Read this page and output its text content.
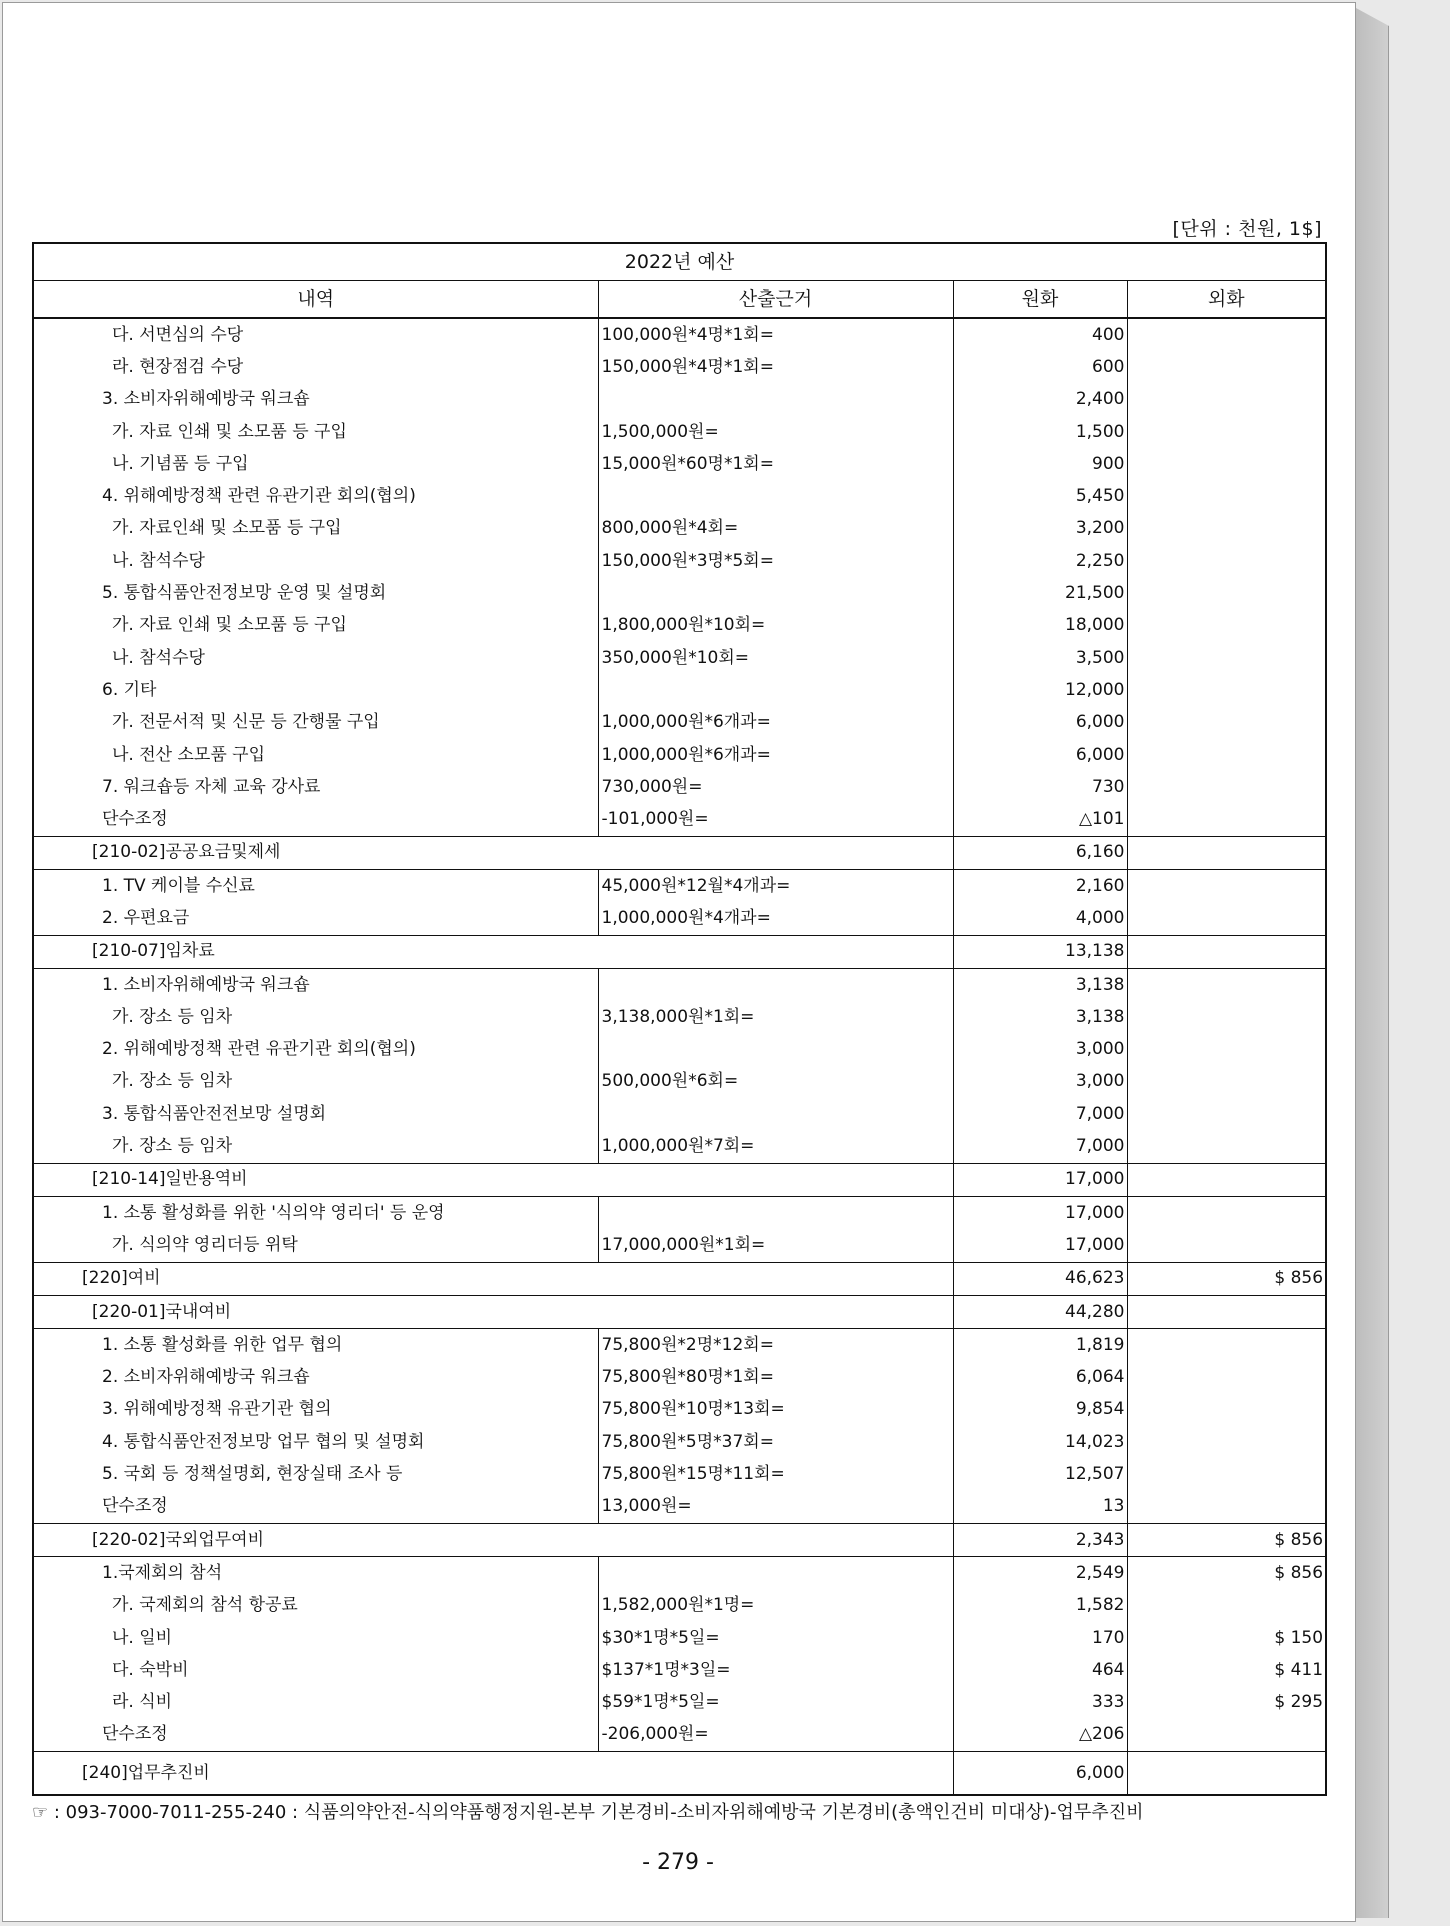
[단위 : 천원, 1$]
2022년 예산			
내역	산출근거	원화	외화
다. 서면심의 수당	100,000원*4명*1회=	400	
라. 현장점검 수당	150,000원*4명*1회=	600	
3. 소비자위해예방국 워크숍		2,400	
가. 자료 인쇄 및 소모품 등 구입	1,500,000원=	1,500	
나. 기념품 등 구입	15,000원*60명*1회=	900	
4. 위해예방정책 관련 유관기관 회의(협의)		5,450	
가. 자료인쇄 및 소모품 등 구입	800,000원*4회=	3,200	
나. 참석수당	150,000원*3명*5회=	2,250	
5. 통합식품안전정보망 운영 및 설명회		21,500	
가. 자료 인쇄 및 소모품 등 구입	1,800,000원*10회=	18,000	
나. 참석수당	350,000원*10회=	3,500	
6. 기타		12,000	
가. 전문서적 및 신문 등 간행물 구입	1,000,000원*6개과=	6,000	
나. 전산 소모품 구입	1,000,000원*6개과=	6,000	
7. 워크숍등 자체 교육 강사료	730,000원=	730	
단수조정	-101,000원=	△101	
[210-02]공공요금및제세		6,160	
1. TV 케이블 수신료	45,000원*12월*4개과=	2,160	
2. 우편요금	1,000,000원*4개과=	4,000	
[210-07]임차료		13,138	
1. 소비자위해예방국 워크숍		3,138	
가. 장소 등 임차	3,138,000원*1회=	3,138	
2. 위해예방정책 관련 유관기관 회의(협의)		3,000	
가. 장소 등 임차	500,000원*6회=	3,000	
3. 통합식품안전전보망 설명회		7,000	
가. 장소 등 임차	1,000,000원*7회=	7,000	
[210-14]일반용역비		17,000	
1. 소통 활성화를 위한 '식의약 영리더' 등 운영		17,000	
가. 식의약 영리더등 위탁	17,000,000원*1회=	17,000	
[220]여비		46,623	$ 856
[220-01]국내여비		44,280	
1. 소통 활성화를 위한 업무 협의	75,800원*2명*12회=	1,819	
2. 소비자위해예방국 워크숍	75,800원*80명*1회=	6,064	
3. 위해예방정책 유관기관 협의	75,800원*10명*13회=	9,854	
4. 통합식품안전정보망 업무 협의 및 설명회	75,800원*5명*37회=	14,023	
5. 국회 등 정책설명회, 현장실태 조사 등	75,800원*15명*11회=	12,507	
단수조정	13,000원=	13	
[220-02]국외업무여비		2,343	$ 856
1.국제회의 참석		2,549	$ 856
가. 국제회의 참석 항공료	1,582,000원*1명=	1,582	
나. 일비	$30*1명*5일=	170	$ 150
다. 숙박비	$137*1명*3일=	464	$ 411
라. 식비	$59*1명*5일=	333	$ 295
단수조정	-206,000원=	△206	
[240]업무추진비		6,000	
☞ : 093-7000-7011-255-240 : 식품의약안전-식의약품행정지원-본부 기본경비-소비자위해예방국 기본경비(총액인건비 미대상)-업무추진비
- 279 -
